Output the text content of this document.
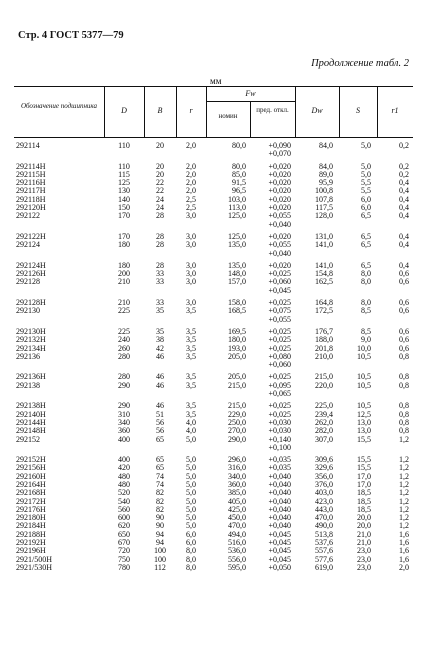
Стр. 4 ГОСТ 5377—79
Продолжение табл. 2
мм
Обозначение подшипника	D	B	r
Fw
номин
пред. откл.	Dw	S	r1
292114	110	20	2,0	80,0	+0,090	84,0	5,0	0,2
+0,070
292114H	110	20	2,0	80,0	+0,020	84,0	5,0	0,2
292115H	115	20	2,0	85,0	+0,020	89,0	5,0	0,2
292116H	125	22	2,0	91,5	+0,020	95,9	5,5	0,4
292117H	130	22	2,0	96,5	+0,020	100,8	5,5	0,4
292118H	140	24	2,5	103,0	+0,020	107,8	6,0	0,4
292120H	150	24	2,5	113,0	+0,020	117,5	6,0	0,4
292122	170	28	3,0	125,0	+0,055	128,0	6,5	0,4
+0,040
292122H	170	28	3,0	125,0	+0,020	131,0	6,5	0,4
292124	180	28	3,0	135,0	+0,055	141,0	6,5	0,4
+0,040
292124H	180	28	3,0	135,0	+0,020	141,0	6,5	0,4
292126H	200	33	3,0	148,0	+0,025	154,8	8,0	0,6
292128	210	33	3,0	157,0	+0,060	162,5	8,0	0,6
+0,045
292128H	210	33	3,0	158,0	+0,025	164,8	8,0	0,6
292130	225	35	3,5	168,5	+0,075	172,5	8,5	0,6
+0,055
292130H	225	35	3,5	169,5	+0,025	176,7	8,5	0,6
292132H	240	38	3,5	180,0	+0,025	188,0	9,0	0,6
292134H	260	42	3,5	193,0	+0,025	201,8	10,0	0,6
292136	280	46	3,5	205,0	+0,080	210,0	10,5	0,8
+0,060
292136H	280	46	3,5	205,0	+0,025	215,0	10,5	0,8
292138	290	46	3,5	215,0	+0,095	220,0	10,5	0,8
+0,065
292138H	290	46	3,5	215,0	+0,025	225,0	10,5	0,8
292140H	310	51	3,5	229,0	+0,025	239,4	12,5	0,8
292144H	340	56	4,0	250,0	+0,030	262,0	13,0	0,8
292148H	360	56	4,0	270,0	+0,030	282,0	13,0	0,8
292152	400	65	5,0	290,0	+0,140	307,0	15,5	1,2
+0,100
292152H	400	65	5,0	296,0	+0,035	309,6	15,5	1,2
292156H	420	65	5,0	316,0	+0,035	329,6	15,5	1,2
292160H	480	74	5,0	340,0	+0,040	356,0	17,0	1,2
292164H	480	74	5,0	360,0	+0,040	376,0	17,0	1,2
292168H	520	82	5,0	385,0	+0,040	403,0	18,5	1,2
292172H	540	82	5,0	405,0	+0,040	423,0	18,5	1,2
292176H	560	82	5,0	425,0	+0,040	443,0	18,5	1,2
292180H	600	90	5,0	450,0	+0,040	470,0	20,0	1,2
292184H	620	90	5,0	470,0	+0,040	490,0	20,0	1,2
292188H	650	94	6,0	494,0	+0,045	513,8	21,0	1,6
292192H	670	94	6,0	516,0	+0,045	537,6	21,0	1,6
292196H	720	100	8,0	536,0	+0,045	557,6	23,0	1,6
2921/500H	750	100	8,0	556,0	+0,045	577,6	23,0	1,6
2921/530H	780	112	8,0	595,0	+0,050	619,0	23,0	2,0
